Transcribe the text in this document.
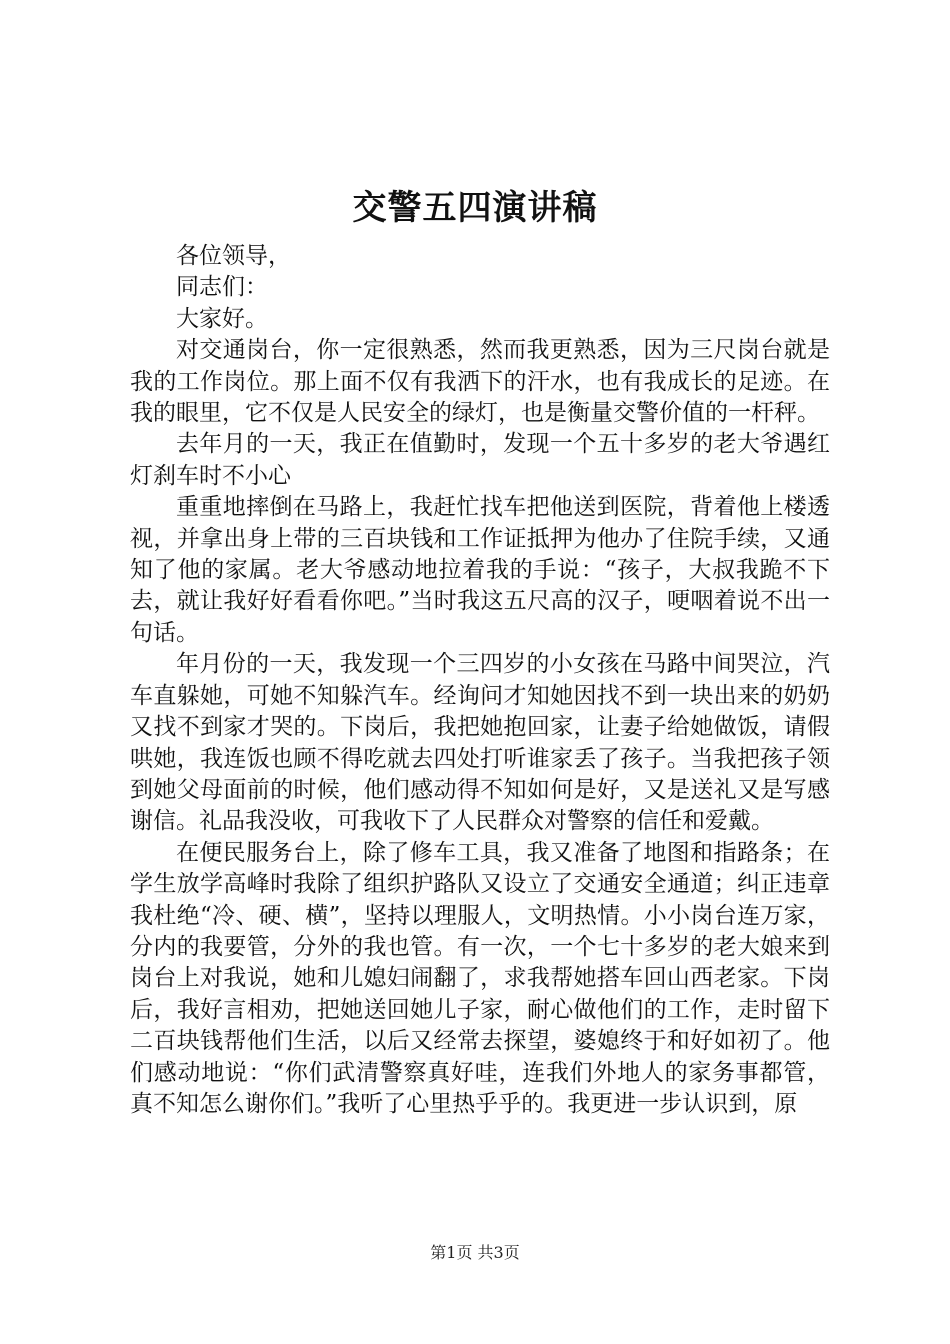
交警五四演讲稿

各位领导，

同志们：

大家好。

对交通岗台，你一定很熟悉，然而我更熟悉，因为三尺岗台就是我的工作岗位。那上面不仅有我洒下的汗水，也有我成长的足迹。在我的眼里，它不仅是人民安全的绿灯，也是衡量交警价值的一杆秤。

去年月的一天，我正在值勤时，发现一个五十多岁的老大爷遇红灯刹车时不小心

重重地摔倒在马路上，我赶忙找车把他送到医院，背着他上楼透视，并拿出身上带的三百块钱和工作证抵押为他办了住院手续，又通知了他的家属。老大爷感动地拉着我的手说：“孩子，大叔我跪不下去，就让我好好看看你吧。”当时我这五尺高的汉子，哽咽着说不出一句话。

年月份的一天，我发现一个三四岁的小女孩在马路中间哭泣，汽车直躲她，可她不知躲汽车。经询问才知她因找不到一块出来的奶奶又找不到家才哭的。下岗后，我把她抱回家，让妻子给她做饭，请假哄她，我连饭也顾不得吃就去四处打听谁家丢了孩子。当我把孩子领到她父母面前的时候，他们感动得不知如何是好，又是送礼又是写感谢信。礼品我没收，可我收下了人民群众对警察的信任和爱戴。

在便民服务台上，除了修车工具，我又准备了地图和指路条；在学生放学高峰时我除了组织护路队又设立了交通安全通道；纠正违章我杜绝“冷、硬、横”，坚持以理服人，文明热情。小小岗台连万家，分内的我要管，分外的我也管。有一次，一个七十多岁的老大娘来到岗台上对我说，她和儿媳妇闹翻了，求我帮她搭车回山西老家。下岗后，我好言相劝，把她送回她儿子家，耐心做他们的工作，走时留下二百块钱帮他们生活，以后又经常去探望，婆媳终于和好如初了。他们感动地说：“你们武清警察真好哇，连我们外地人的家务事都管，真不知怎么谢你们。”我听了心里热乎乎的。我更进一步认识到，原

第1页 共3页
